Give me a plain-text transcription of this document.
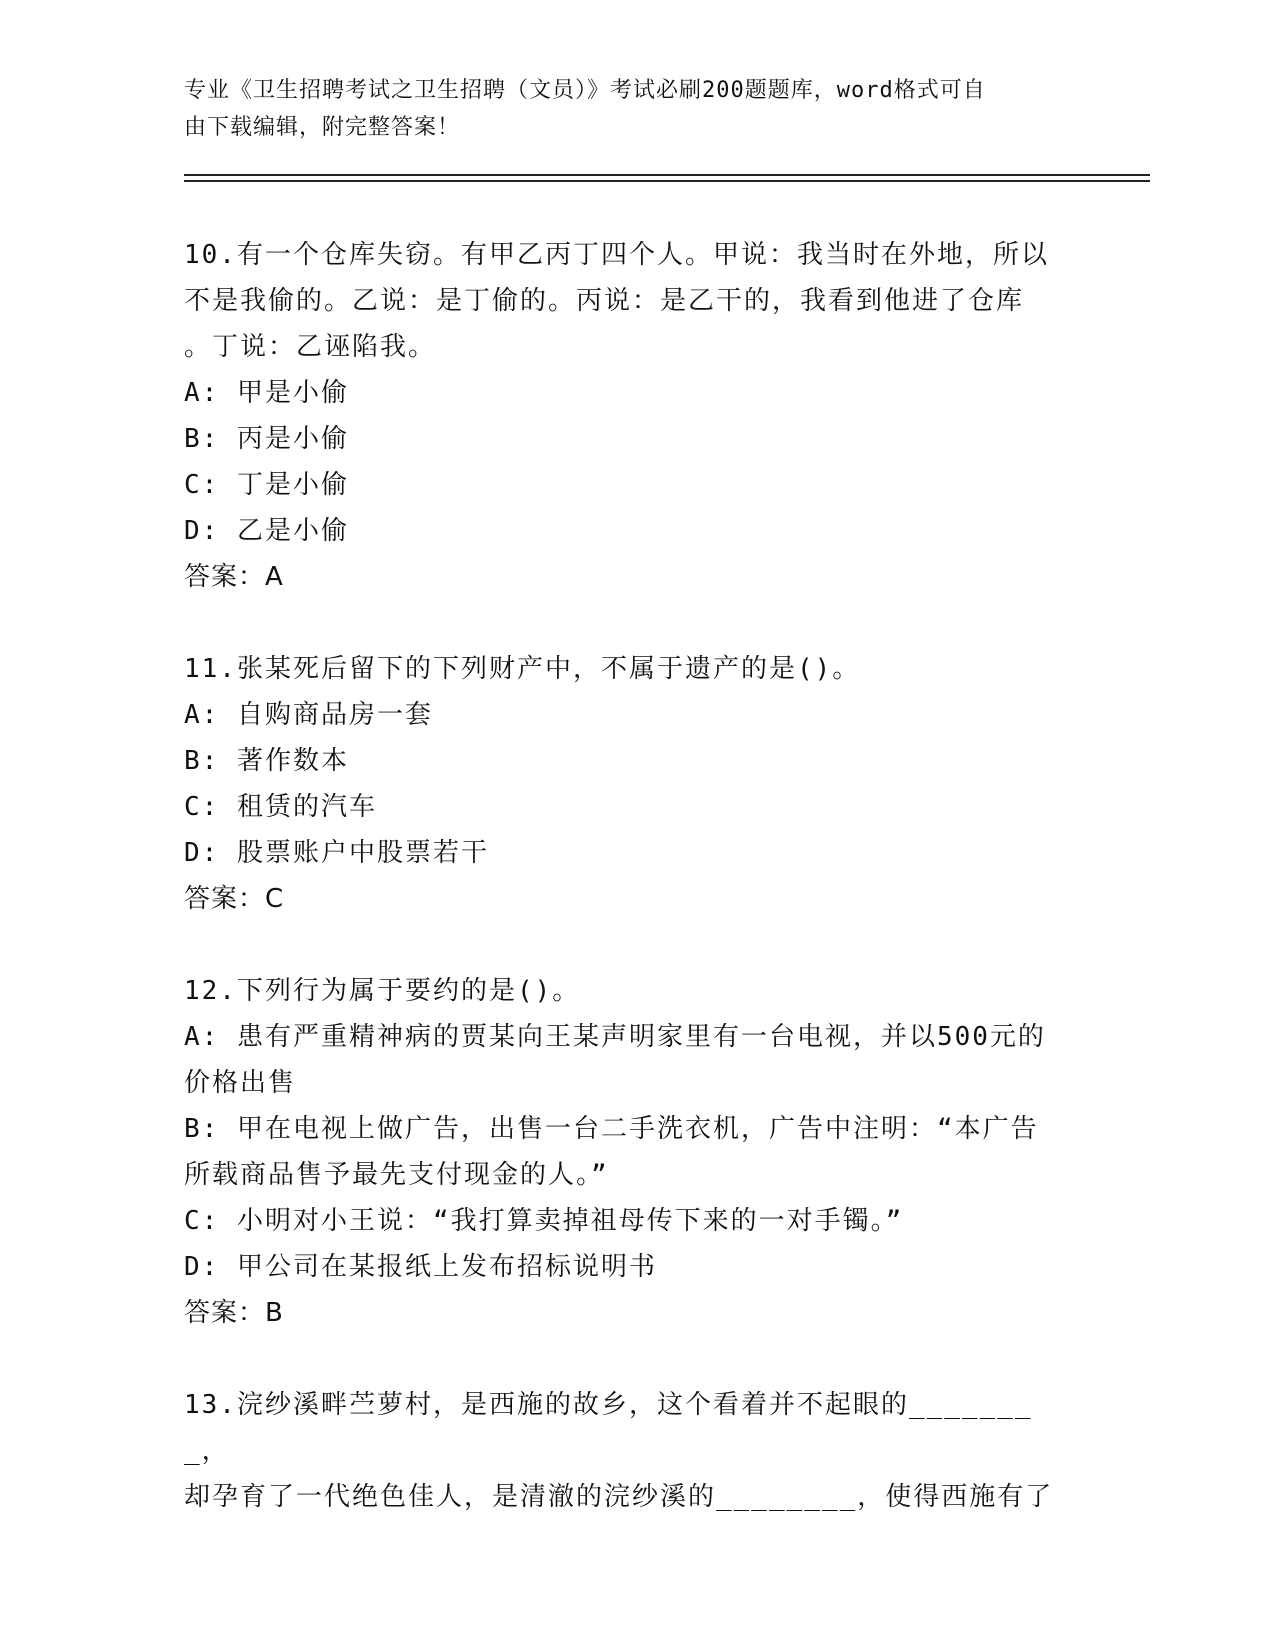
专业《卫生招聘考试之卫生招聘（文员）》考试必刷200题题库，word格式可自
由下载编辑，附完整答案！
10.有一个仓库失窃。有甲乙丙丁四个人。甲说：我当时在外地，所以
不是我偷的。乙说：是丁偷的。丙说：是乙干的，我看到他进了仓库
。丁说：乙诬陷我。
A: 甲是小偷
B: 丙是小偷
C: 丁是小偷
D: 乙是小偷
答案：A
11.张某死后留下的下列财产中，不属于遗产的是()。
A: 自购商品房一套
B: 著作数本
C: 租赁的汽车
D: 股票账户中股票若干
答案：C
12.下列行为属于要约的是()。
A: 患有严重精神病的贾某向王某声明家里有一台电视，并以500元的
价格出售
B: 甲在电视上做广告，出售一台二手洗衣机，广告中注明：“本广告
所载商品售予最先支付现金的人。”
C: 小明对小王说：“我打算卖掉祖母传下来的一对手镯。”
D: 甲公司在某报纸上发布招标说明书
答案：B
13.浣纱溪畔苎萝村，是西施的故乡，这个看着并不起眼的________，
却孕育了一代绝色佳人，是清澈的浣纱溪的________，使得西施有了
